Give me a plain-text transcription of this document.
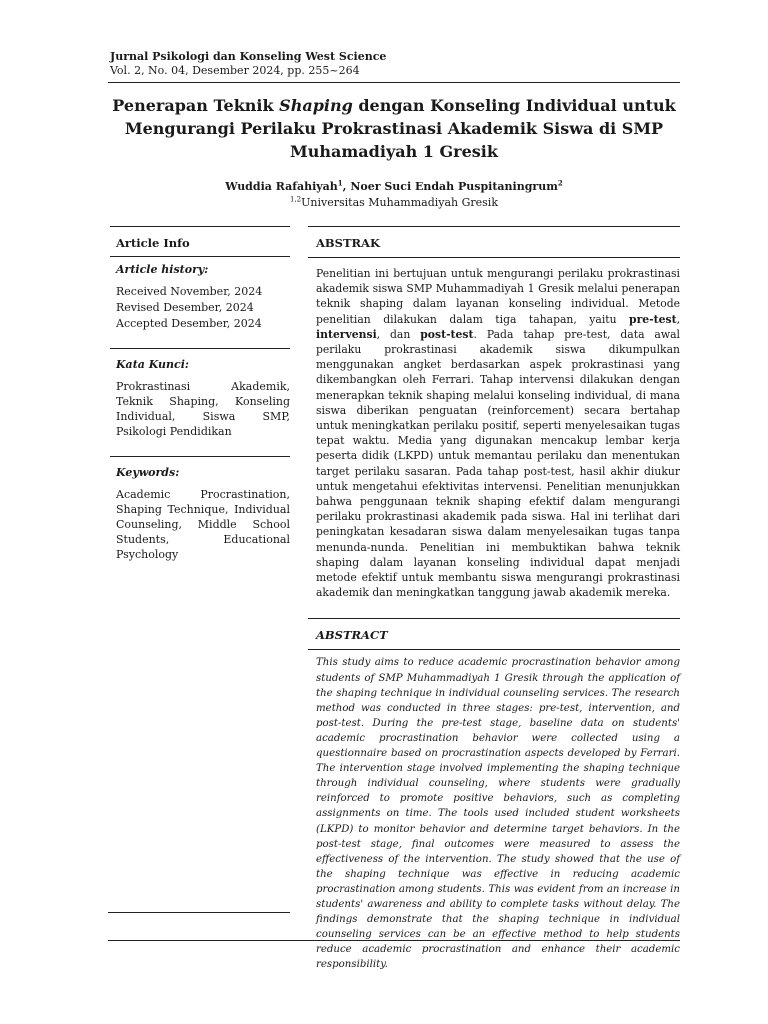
Jurnal Psikologi dan Konseling West Science
Vol. 2, No. 04, Desember 2024, pp. 255~264
Penerapan Teknik Shaping dengan Konseling Individual untuk Mengurangi Perilaku Prokrastinasi Akademik Siswa di SMP Muhamadiyah 1 Gresik
Wuddia Rafahiyah$^1$, Noer Suci Endah Puspitaningrum$^2$
$^{1,2}$Universitas Muhammadiyah Gresik
Article Info
Article history:
Received November, 2024
Revised Desember, 2024
Accepted Desember, 2024
Kata Kunci:
Prokrastinasi Akademik, Teknik Shaping, Konseling Individual, Siswa SMP, Psikologi Pendidikan
Keywords:
Academic Procrastination, Shaping Technique, Individual Counseling, Middle School Students, Educational Psychology
ABSTRAK
Penelitian ini bertujuan untuk mengurangi perilaku prokrastinasi akademik siswa SMP Muhammadiyah 1 Gresik melalui penerapan teknik shaping dalam layanan konseling individual. Metode penelitian dilakukan dalam tiga tahapan, yaitu pre-test, intervensi, dan post-test. Pada tahap pre-test, data awal perilaku prokrastinasi akademik siswa dikumpulkan menggunakan angket berdasarkan aspek prokrastinasi yang dikembangkan oleh Ferrari. Tahap intervensi dilakukan dengan menerapkan teknik shaping melalui konseling individual, di mana siswa diberikan penguatan (reinforcement) secara bertahap untuk meningkatkan perilaku positif, seperti menyelesaikan tugas tepat waktu. Media yang digunakan mencakup lembar kerja peserta didik (LKPD) untuk memantau perilaku dan menentukan target perilaku sasaran. Pada tahap post-test, hasil akhir diukur untuk mengetahui efektivitas intervensi. Penelitian menunjukkan bahwa penggunaan teknik shaping efektif dalam mengurangi perilaku prokrastinasi akademik pada siswa. Hal ini terlihat dari peningkatan kesadaran siswa dalam menyelesaikan tugas tanpa menunda-nunda. Penelitian ini membuktikan bahwa teknik shaping dalam layanan konseling individual dapat menjadi metode efektif untuk membantu siswa mengurangi prokrastinasi akademik dan meningkatkan tanggung jawab akademik mereka.
ABSTRACT
This study aims to reduce academic procrastination behavior among students of SMP Muhammadiyah 1 Gresik through the application of the shaping technique in individual counseling services. The research method was conducted in three stages: pre-test, intervention, and post-test. During the pre-test stage, baseline data on students' academic procrastination behavior were collected using a questionnaire based on procrastination aspects developed by Ferrari. The intervention stage involved implementing the shaping technique through individual counseling, where students were gradually reinforced to promote positive behaviors, such as completing assignments on time. The tools used included student worksheets (LKPD) to monitor behavior and determine target behaviors. In the post-test stage, final outcomes were measured to assess the effectiveness of the intervention. The study showed that the use of the shaping technique was effective in reducing academic procrastination among students. This was evident from an increase in students' awareness and ability to complete tasks without delay. The findings demonstrate that the shaping technique in individual counseling services can be an effective method to help students reduce academic procrastination and enhance their academic responsibility.
